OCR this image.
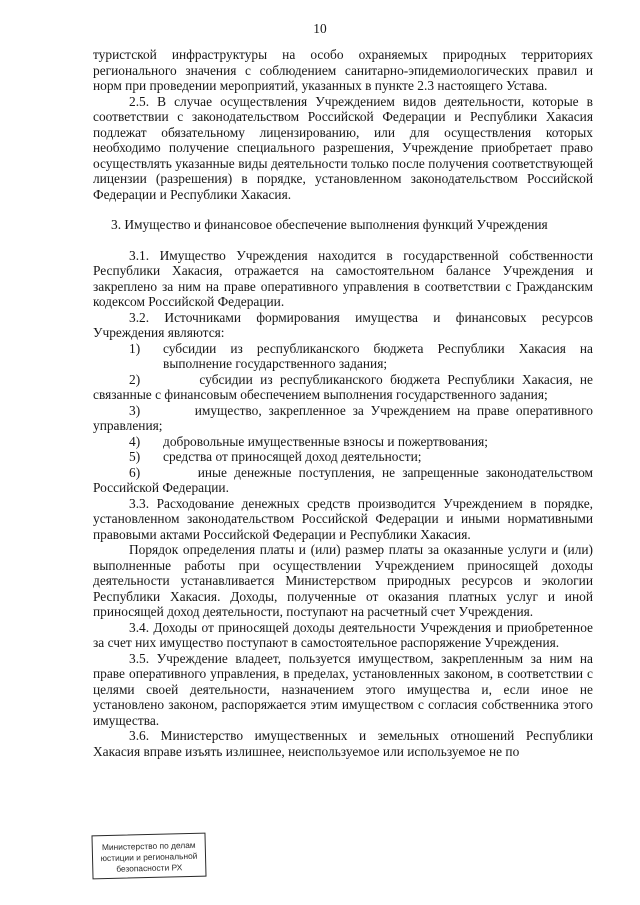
10

туристской инфраструктуры на особо охраняемых природных территориях регионального значения с соблюдением санитарно-эпидемиологических правил и норм при проведении мероприятий, указанных в пункте 2.3 настоящего Устава.

2.5. В случае осуществления Учреждением видов деятельности, которые в соответствии с законодательством Российской Федерации и Республики Хакасия подлежат обязательному лицензированию, или для осуществления которых необходимо получение специального разрешения, Учреждение приобретает право осуществлять указанные виды деятельности только после получения соответствующей лицензии (разрешения) в порядке, установленном законодательством Российской Федерации и Республики Хакасия.

3. Имущество и финансовое обеспечение выполнения функций Учреждения

3.1. Имущество Учреждения находится в государственной собственности Республики Хакасия, отражается на самостоятельном балансе Учреждения и закреплено за ним на праве оперативного управления в соответствии с Гражданским кодексом Российской Федерации.

3.2. Источниками формирования имущества и финансовых ресурсов Учреждения являются:

1)	субсидии из республиканского бюджета Республики Хакасия на выполнение государственного задания;

2)	субсидии из республиканского бюджета Республики Хакасия, не связанные с финансовым обеспечением выполнения государственного задания;

3)	имущество, закрепленное за Учреждением на праве оперативного управления;

4)	добровольные имущественные взносы и пожертвования;
5)	средства от приносящей доход деятельности;

6)	иные денежные поступления, не запрещенные законодательством Российской Федерации.

3.3. Расходование денежных средств производится Учреждением в порядке, установленном законодательством Российской Федерации и иными нормативными правовыми актами Российской Федерации и Республики Хакасия.

Порядок определения платы и (или) размер платы за оказанные услуги и (или) выполненные работы при осуществлении Учреждением приносящей доходы деятельности устанавливается Министерством природных ресурсов и экологии Республики Хакасия. Доходы, полученные от оказания платных услуг и иной приносящей доход деятельности, поступают на расчетный счет Учреждения.

3.4. Доходы от приносящей доходы деятельности Учреждения и приобретенное за счет них имущество поступают в самостоятельное распоряжение Учреждения.

3.5. Учреждение владеет, пользуется имуществом, закрепленным за ним на праве оперативного управления, в пределах, установленных законом, в соответствии с целями своей деятельности, назначением этого имущества и, если иное не установлено законом, распоряжается этим имуществом с согласия собственника этого имущества.

3.6. Министерство имущественных и земельных отношений Республики Хакасия вправе изъять излишнее, неиспользуемое или используемое не по

Министерство по делам
юстиции и региональной
безопасности РХ
